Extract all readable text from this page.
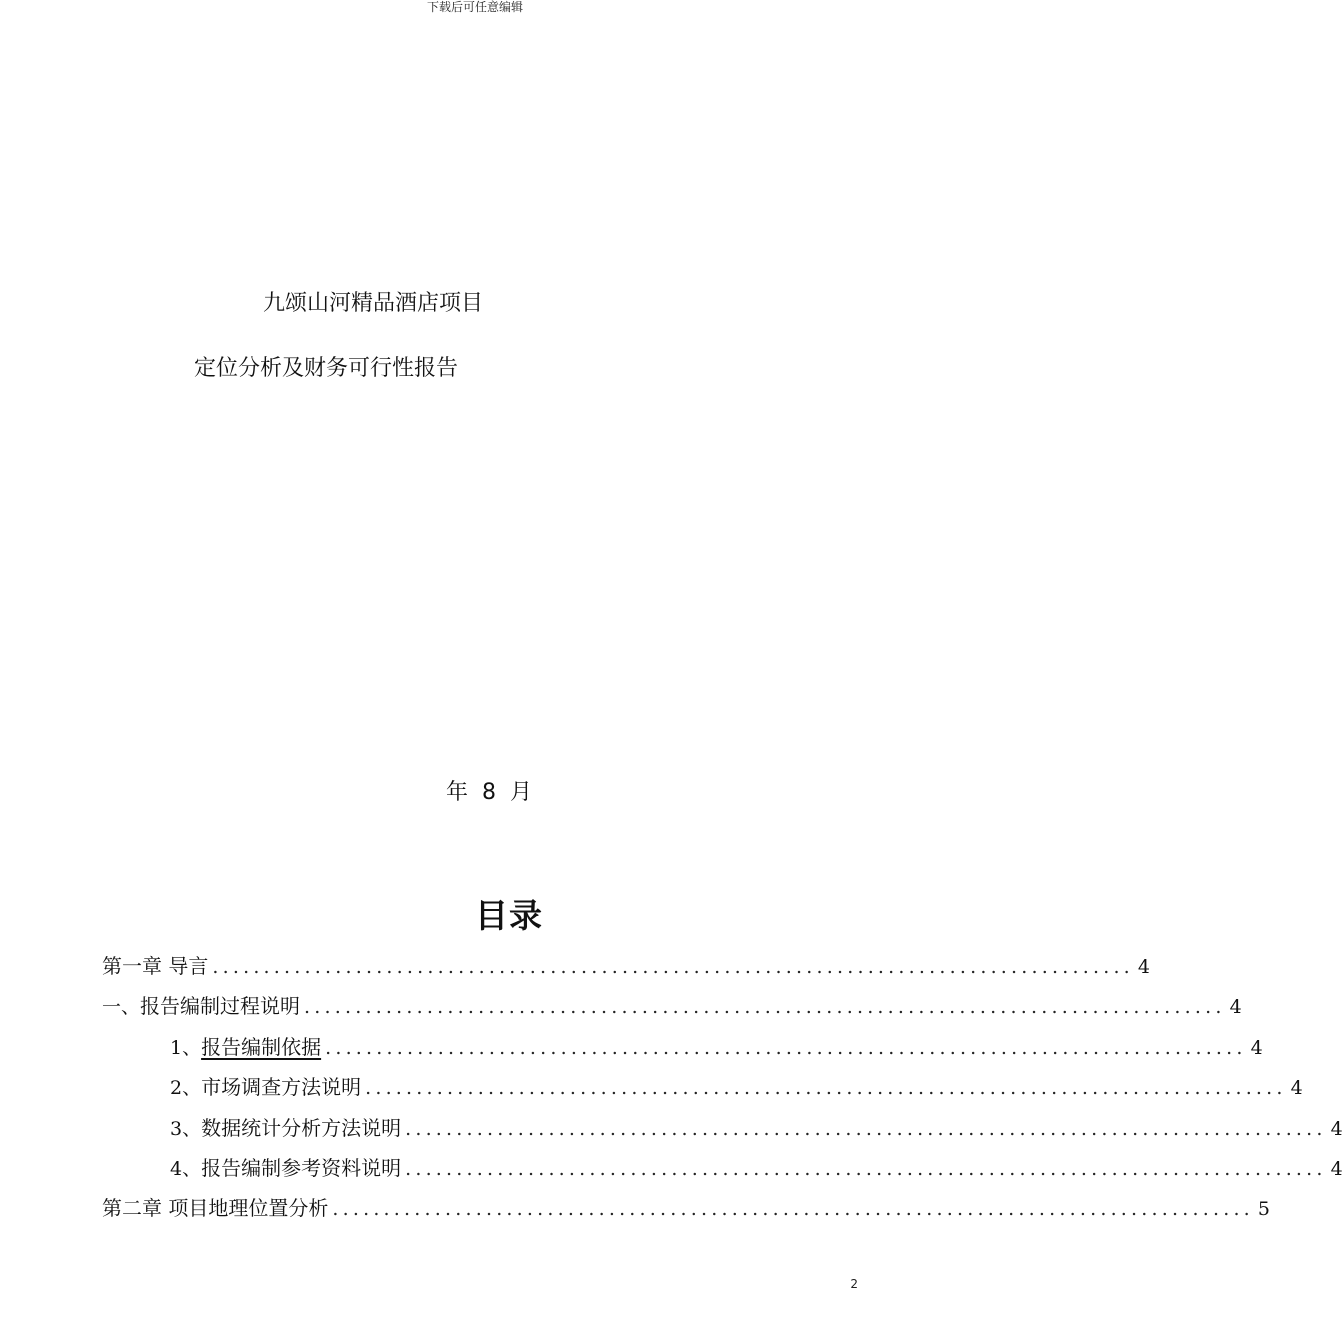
下载后可任意编辑
九颂山河精品酒店项目
定位分析及财务可行性报告
年 8 月
目录
第一章 导言 .......................................................................................... 4
一、 报告编制过程说明 .......................................................................................... 4
1、 报告编制依据 .......................................................................................... 4
2、 市场调查方法说明 .......................................................................................... 4
3、 数据统计分析方法说明 .......................................................................................... 4
4、 报告编制参考资料说明 .......................................................................................... 4
第二章 项目地理位置分析 .......................................................................................... 5
2
